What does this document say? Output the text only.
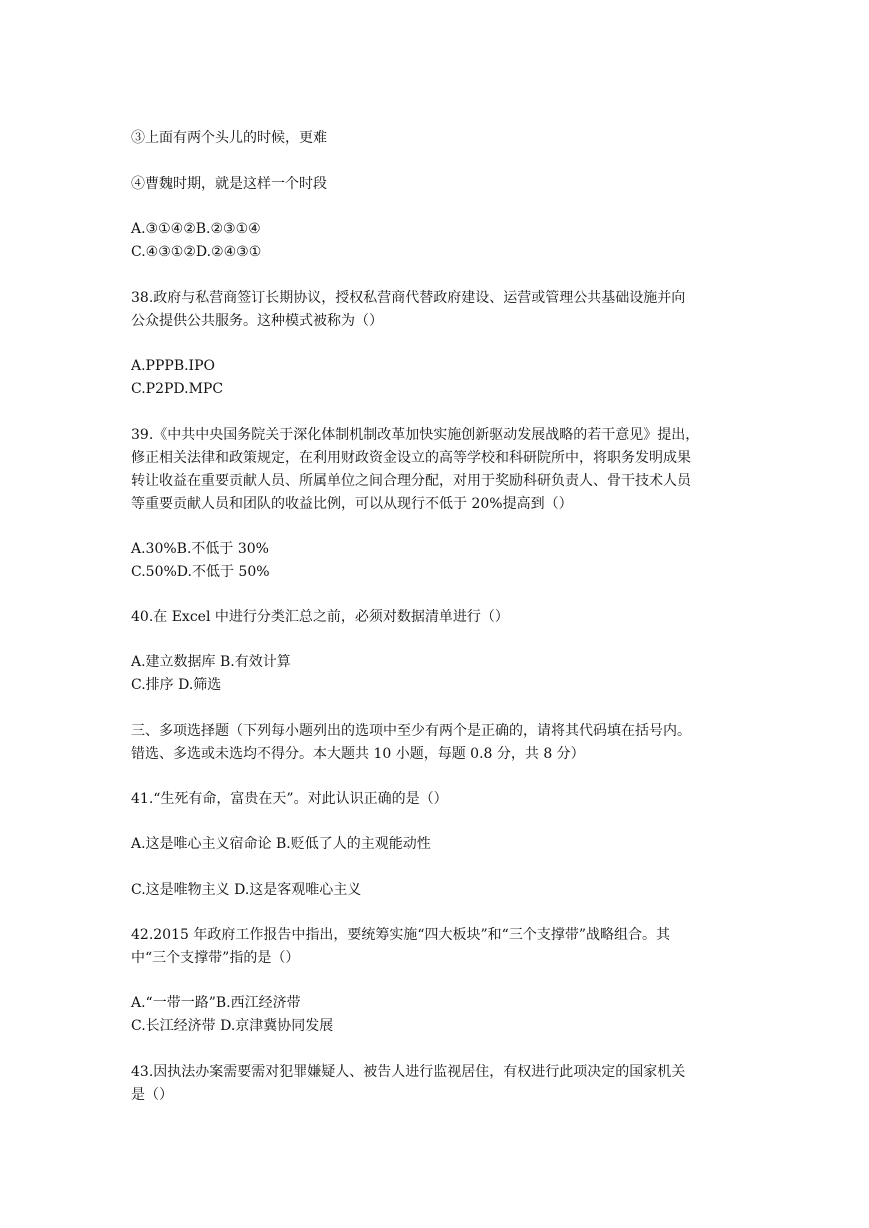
③上面有两个头儿的时候，更难
④曹魏时期，就是这样一个时段
A.③①④②B.②③①④
C.④③①②D.②④③①
38.政府与私营商签订长期协议，授权私营商代替政府建设、运营或管理公共基础设施并向
公众提供公共服务。这种模式被称为（）
A.PPPB.IPO
C.P2PD.MPC
39.《中共中央国务院关于深化体制机制改革加快实施创新驱动发展战略的若干意见》提出，
修正相关法律和政策规定，在利用财政资金设立的高等学校和科研院所中，将职务发明成果
转让收益在重要贡献人员、所属单位之间合理分配，对用于奖励科研负责人、骨干技术人员
等重要贡献人员和团队的收益比例，可以从现行不低于 20%提高到（）
A.30%B.不低于 30%
C.50%D.不低于 50%
40.在 Excel 中进行分类汇总之前，必须对数据清单进行（）
A.建立数据库 B.有效计算
C.排序 D.筛选
三、多项选择题（下列每小题列出的选项中至少有两个是正确的，请将其代码填在括号内。
错选、多选或未选均不得分。本大题共 10 小题，每题 0.8 分，共 8 分）
41.“生死有命，富贵在天”。对此认识正确的是（）
A.这是唯心主义宿命论 B.贬低了人的主观能动性
C.这是唯物主义 D.这是客观唯心主义
42.2015 年政府工作报告中指出，要统筹实施“四大板块”和“三个支撑带”战略组合。其
中“三个支撑带”指的是（）
A.“一带一路”B.西江经济带
C.长江经济带 D.京津冀协同发展
43.因执法办案需要需对犯罪嫌疑人、被告人进行监视居住，有权进行此项决定的国家机关
是（）
